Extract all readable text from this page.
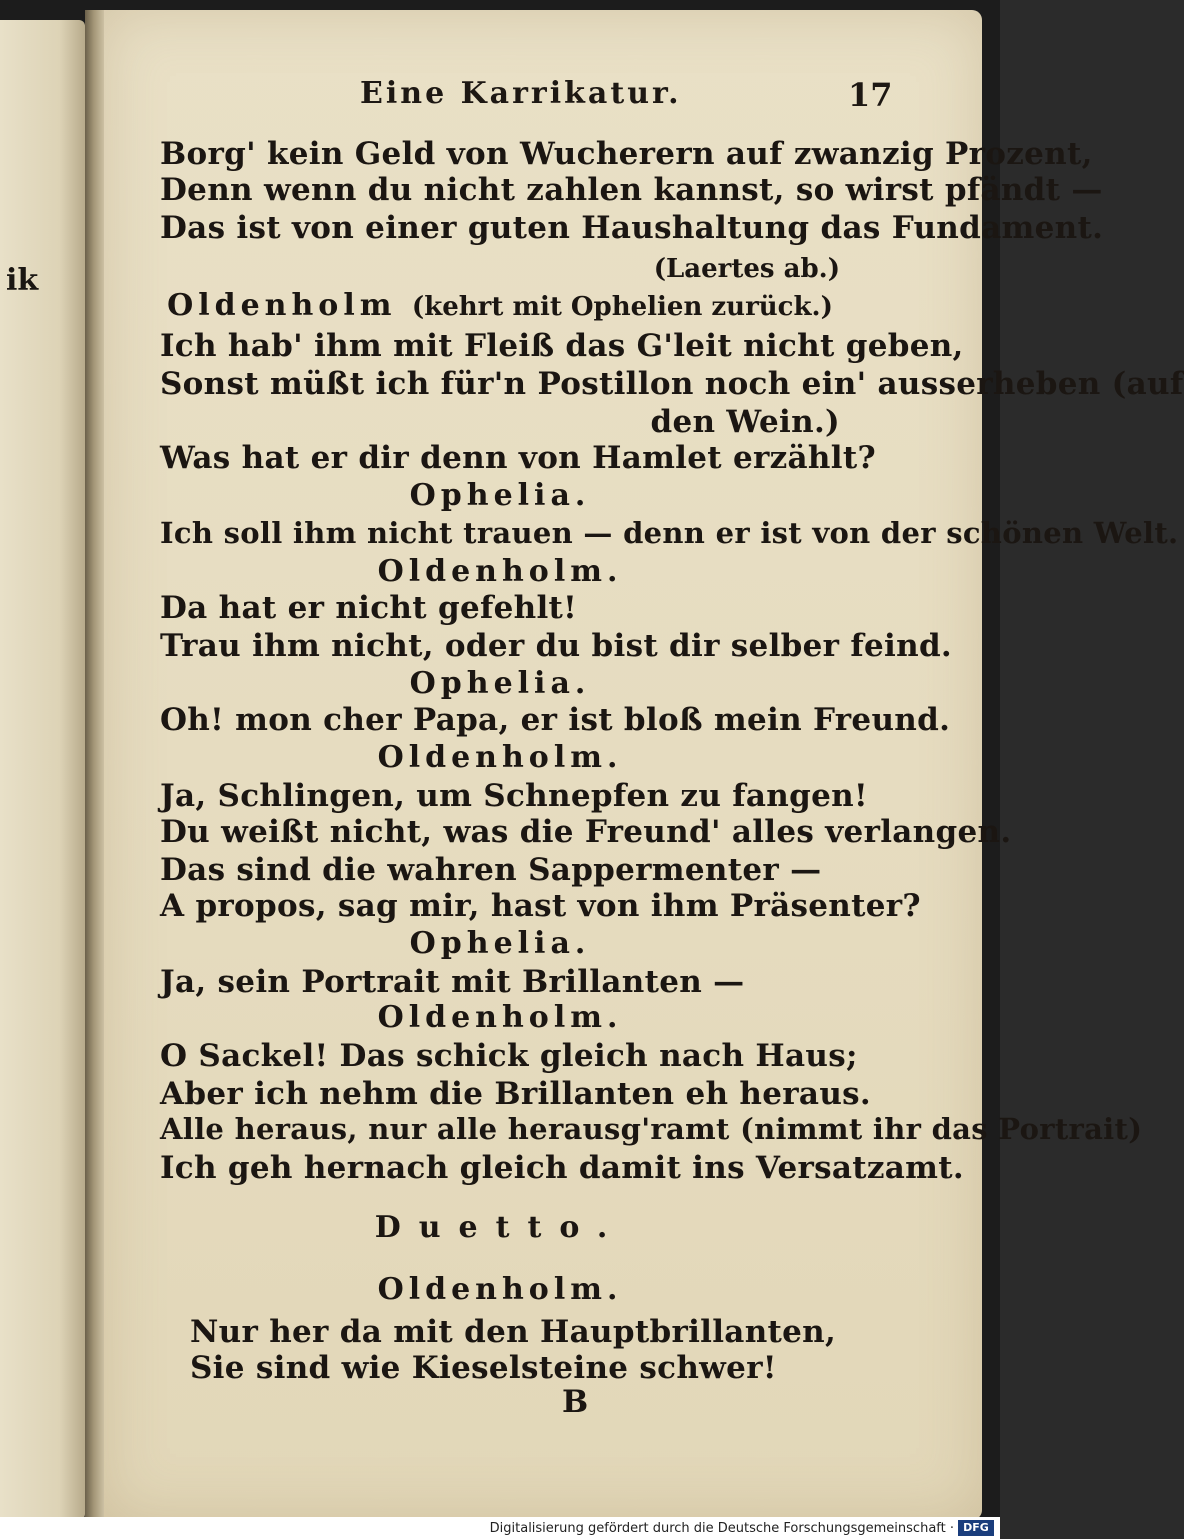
ik
Eine Karrikatur.	17
Borg' kein Geld von Wucherern auf zwanzig Prozent,
Denn wenn du nicht zahlen kannst, so wirst pfändt —
Das ist von einer guten Haushaltung das Fundament.
(Laertes ab.)
Oldenholm (kehrt mit Ophelien zurück.)
Ich hab' ihm mit Fleiß das G'leit nicht geben,
Sonst müßt ich für'n Postillon noch ein' ausserheben (auf
den Wein.)
Was hat er dir denn von Hamlet erzählt?
Ophelia.
Ich soll ihm nicht trauen — denn er ist von der schönen Welt.
Oldenholm.
Da hat er nicht gefehlt!
Trau ihm nicht, oder du bist dir selber feind.
Ophelia.
Oh! mon cher Papa, er ist bloß mein Freund.
Oldenholm.
Ja, Schlingen, um Schnepfen zu fangen!
Du weißt nicht, was die Freund' alles verlangen.
Das sind die wahren Sappermenter —
A propos, sag mir, hast von ihm Präsenter?
Ophelia.
Ja, sein Portrait mit Brillanten —
Oldenholm.
O Sackel! Das schick gleich nach Haus;
Aber ich nehm die Brillanten eh heraus.
Alle heraus, nur alle herausg'ramt (nimmt ihr das Portrait)
Ich geh hernach gleich damit ins Versatzamt.
Duetto.
Oldenholm.
Nur her da mit den Hauptbrillanten,
Sie sind wie Kieselsteine schwer!
B
Digitalisierung gefördert durch die Deutsche Forschungsgemeinschaft · DFG
